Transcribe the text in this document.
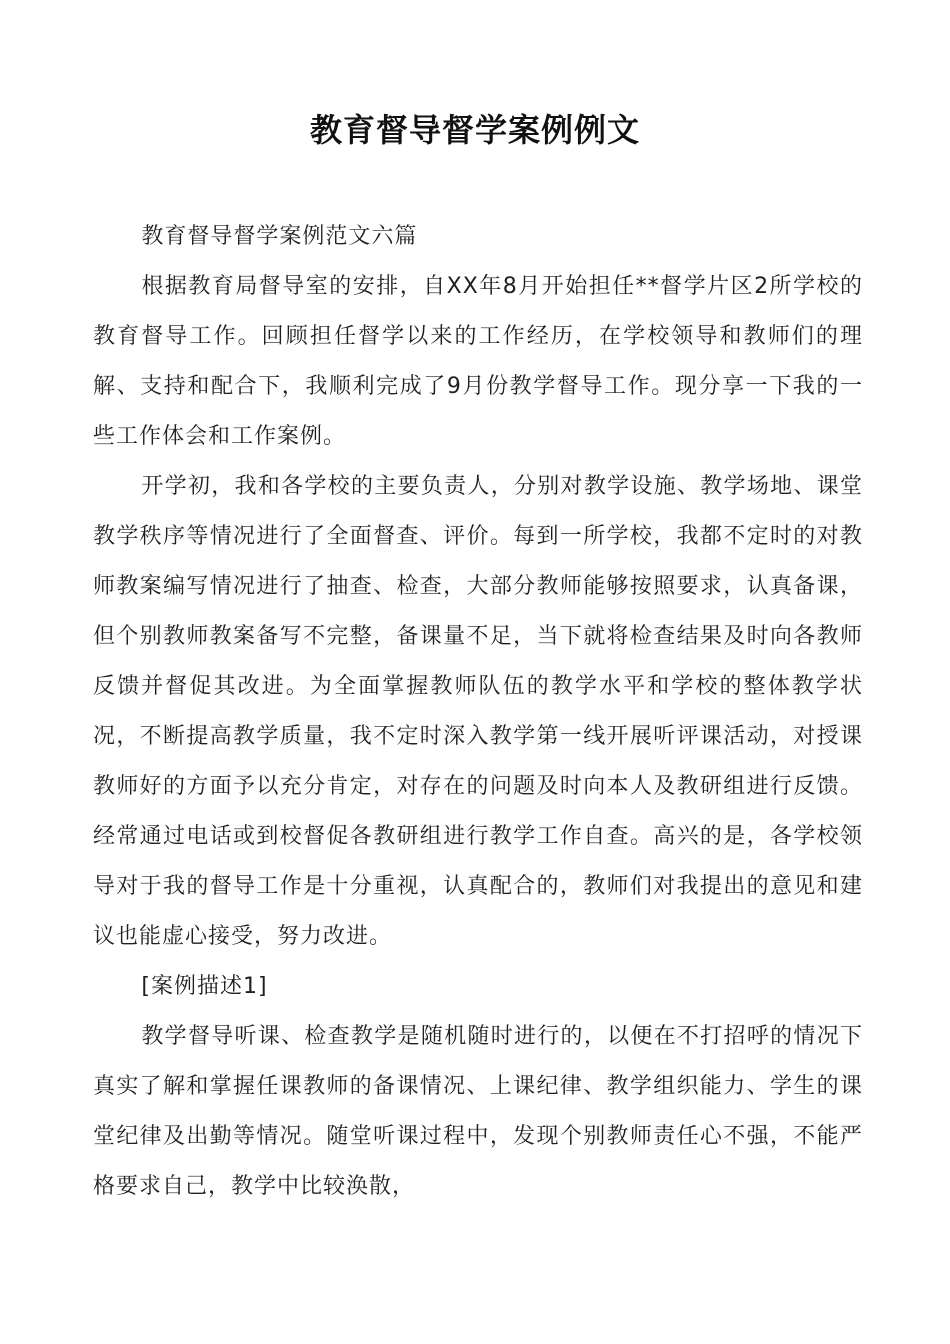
教育督导督学案例例文

教育督导督学案例范文六篇

根据教育局督导室的安排，自XX年8月开始担任**督学片区2所学校的教育督导工作。回顾担任督学以来的工作经历，在学校领导和教师们的理解、支持和配合下，我顺利完成了9月份教学督导工作。现分享一下我的一些工作体会和工作案例。

开学初，我和各学校的主要负责人，分别对教学设施、教学场地、课堂教学秩序等情况进行了全面督查、评价。每到一所学校，我都不定时的对教师教案编写情况进行了抽查、检查，大部分教师能够按照要求，认真备课，但个别教师教案备写不完整，备课量不足，当下就将检查结果及时向各教师反馈并督促其改进。为全面掌握教师队伍的教学水平和学校的整体教学状况，不断提高教学质量，我不定时深入教学第一线开展听评课活动，对授课教师好的方面予以充分肯定，对存在的问题及时向本人及教研组进行反馈。经常通过电话或到校督促各教研组进行教学工作自查。高兴的是，各学校领导对于我的督导工作是十分重视，认真配合的，教师们对我提出的意见和建议也能虚心接受，努力改进。

[案例描述1]

教学督导听课、检查教学是随机随时进行的，以便在不打招呼的情况下真实了解和掌握任课教师的备课情况、上课纪律、教学组织能力、学生的课堂纪律及出勤等情况。随堂听课过程中，发现个别教师责任心不强，不能严格要求自己，教学中比较涣散，
